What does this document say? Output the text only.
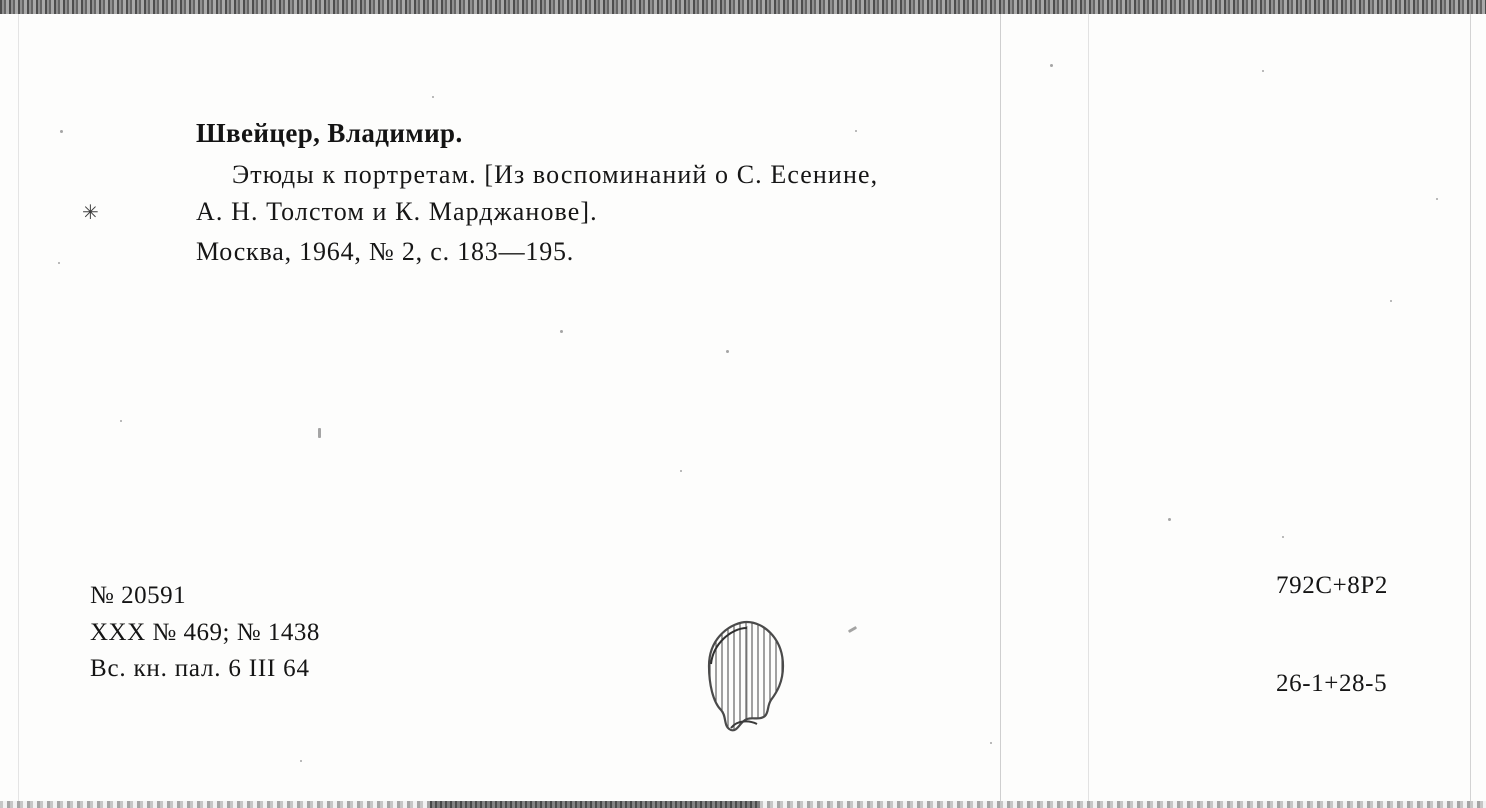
✳
Швейцер, Владимир.
Этюды к портретам. [Из воспоминаний о С. Есенине,
А. Н. Толстом и К. Марджанове].
Москва, 1964, № 2, с. 183—195.
№ 20591
XXX № 469; № 1438
Вс. кн. пал. 6 III 64
792С+8Р2
26-1+28-5
